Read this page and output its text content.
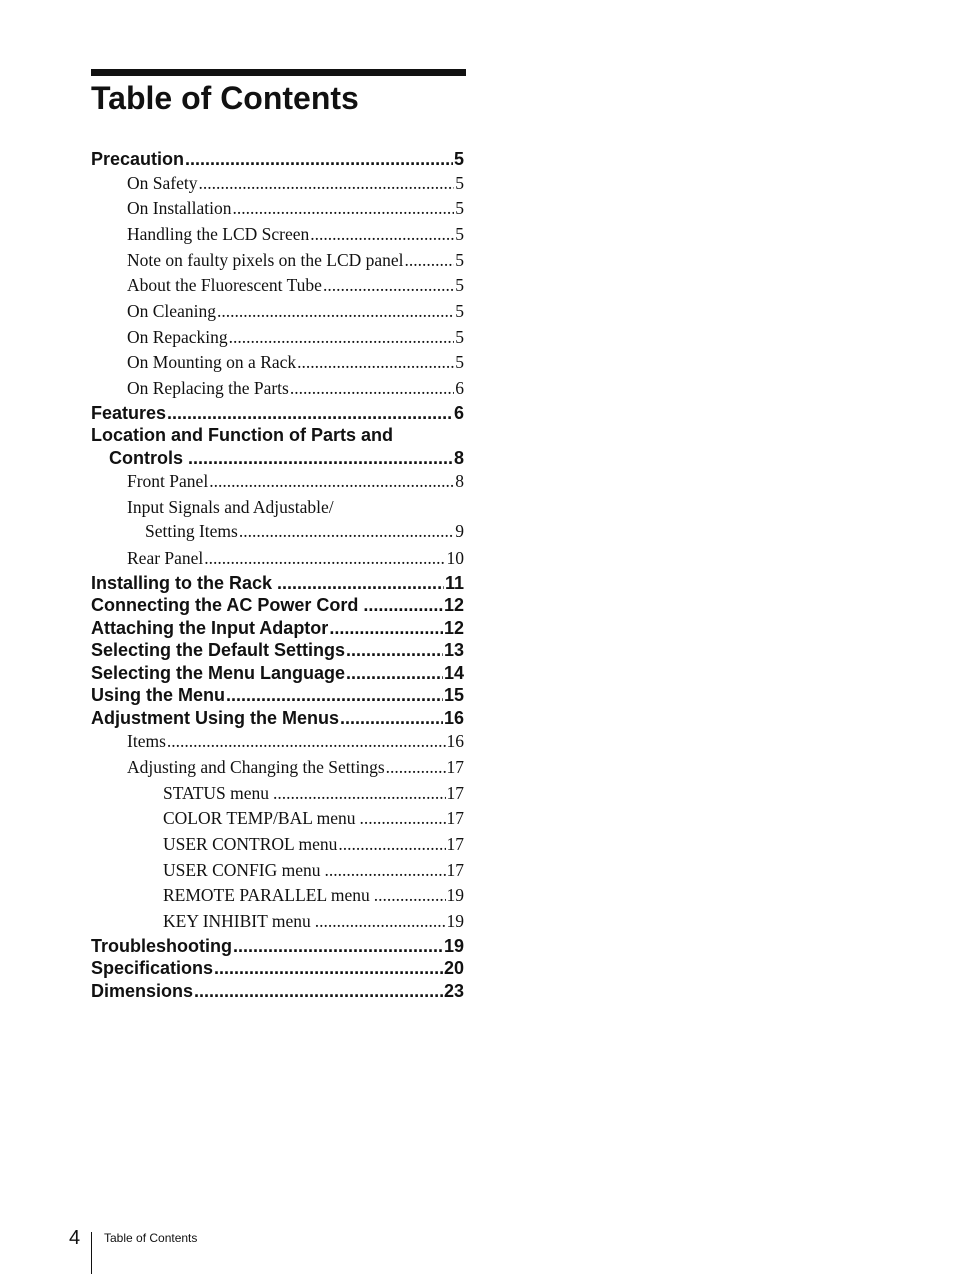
Table of Contents
Precaution .....	5
On Safety .....	5
On Installation .....	5
Handling the LCD Screen .....	5
Note on faulty pixels on the LCD panel .....	5
About the Fluorescent Tube .....	5
On Cleaning .....	5
On Repacking .....	5
On Mounting on a Rack .....	5
On Replacing the Parts .....	6
Features .....	6
Location and Function of Parts and
Controls .....	8
Front Panel .....	8
Input Signals and Adjustable/
Setting Items .....	9
Rear Panel .....	10
Installing to the Rack .....	11
Connecting the AC Power Cord .....	12
Attaching the Input Adaptor .....	12
Selecting the Default Settings .....	13
Selecting the Menu Language .....	14
Using the Menu .....	15
Adjustment Using the Menus .....	16
Items .....	16
Adjusting and Changing the Settings .....	17
STATUS menu .....	17
COLOR TEMP/BAL menu .....	17
USER CONTROL menu .....	17
USER CONFIG menu .....	17
REMOTE PARALLEL menu .....	19
KEY INHIBIT menu .....	19
Troubleshooting .....	19
Specifications .....	20
Dimensions .....	23
4 Table of Contents
